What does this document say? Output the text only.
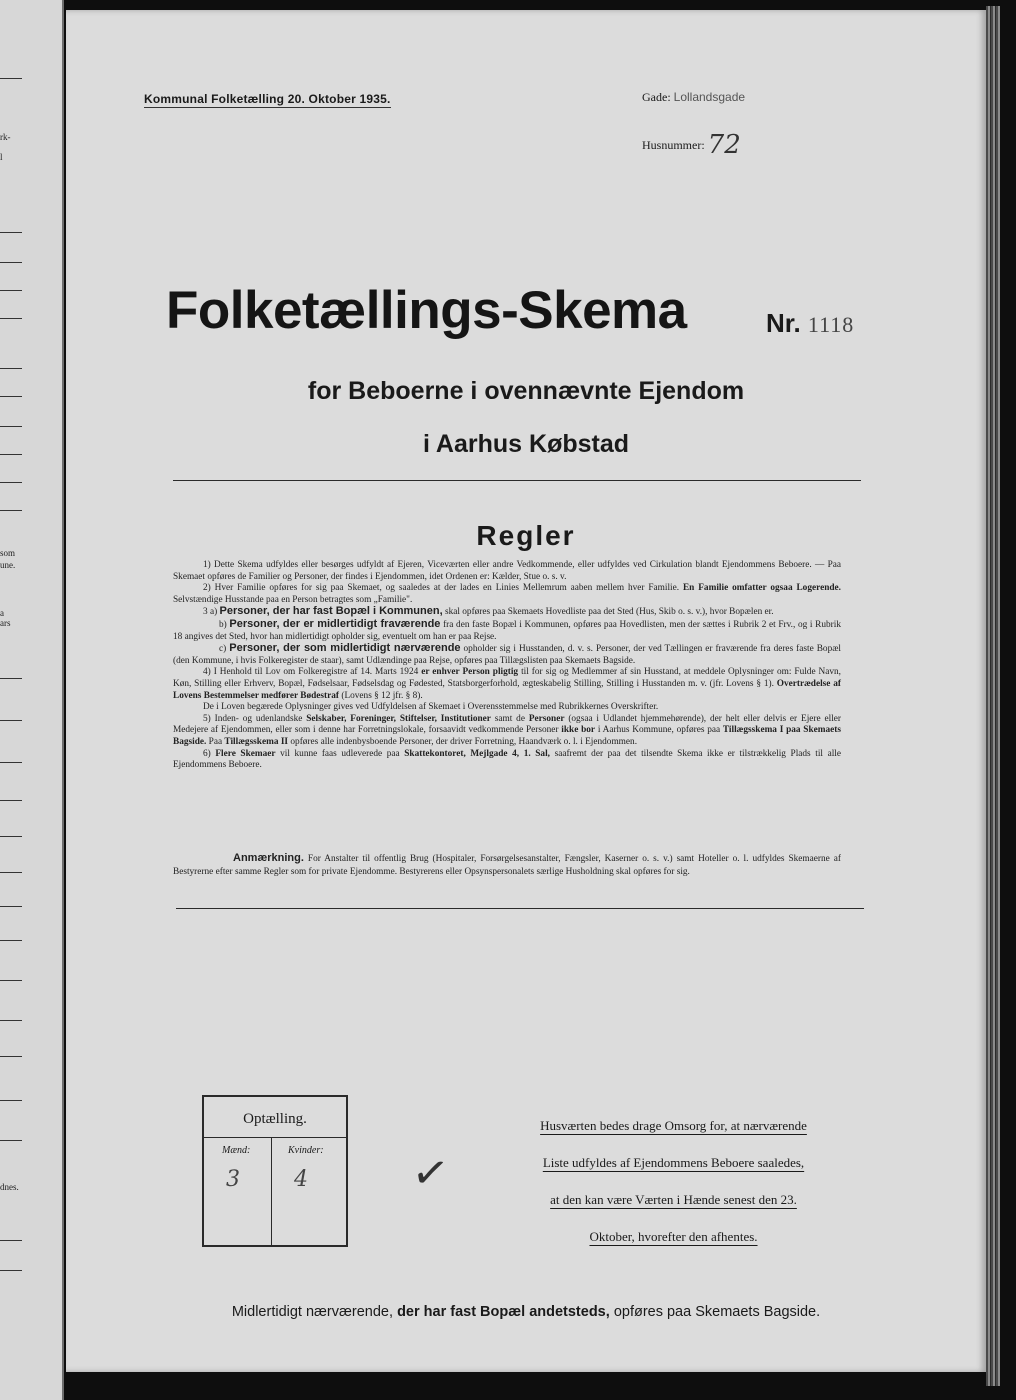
rk-
l
som
une.
a
ars
dnes.
Kommunal Folketælling 20. Oktober 1935.	Gade: Lollandsgade
Husnummer: 72
Folketællings-Skema	Nr. 1118
for Beboerne i ovennævnte Ejendom
i Aarhus Købstad
Regler

1) Dette Skema udfyldes eller besørges udfyldt af Ejeren, Viceværten eller andre Vedkommende, eller udfyldes ved Cirkulation blandt Ejendommens Beboere. — Paa Skemaet opføres de Familier og Personer, der findes i Ejendommen, idet Ordenen er: Kælder, Stue o. s. v.

2) Hver Familie opføres for sig paa Skemaet, og saaledes at der lades en Linies Mellemrum aaben mellem hver Familie. En Familie omfatter ogsaa Logerende. Selvstændige Husstande paa en Person betragtes som „Familie".

3 a) Personer, der har fast Bopæl i Kommunen, skal opføres paa Skemaets Hovedliste paa det Sted (Hus, Skib o. s. v.), hvor Bopælen er.

b) Personer, der er midlertidigt fraværende fra den faste Bopæl i Kommunen, opføres paa Hovedlisten, men der sættes i Rubrik 2 et Frv., og i Rubrik 18 angives det Sted, hvor han midlertidigt opholder sig, eventuelt om han er paa Rejse.

c) Personer, der som midlertidigt nærværende opholder sig i Husstanden, d. v. s. Personer, der ved Tællingen er fraværende fra deres faste Bopæl (den Kommune, i hvis Folkeregister de staar), samt Udlændinge paa Rejse, opføres paa Tillægslisten paa Skemaets Bagside.

4) I Henhold til Lov om Folkeregistre af 14. Marts 1924 er enhver Person pligtig til for sig og Medlemmer af sin Husstand, at meddele Oplysninger om: Fulde Navn, Køn, Stilling eller Erhverv, Bopæl, Fødselsaar, Fødselsdag og Fødested, Statsborgerforhold, ægteskabelig Stilling, Stilling i Husstanden m. v. (jfr. Lovens § 1). Overtrædelse af Lovens Bestemmelser medfører Bødestraf (Lovens § 12 jfr. § 8).

De i Loven begærede Oplysninger gives ved Udfyldelsen af Skemaet i Overensstemmelse med Rubrikkernes Overskrifter.

5) Inden- og udenlandske Selskaber, Foreninger, Stiftelser, Institutioner samt de Personer (ogsaa i Udlandet hjemmehørende), der helt eller delvis er Ejere eller Medejere af Ejendommen, eller som i denne har Forretningslokale, forsaavidt vedkommende Personer ikke bor i Aarhus Kommune, opføres paa Tillægsskema I paa Skemaets Bagside. Paa Tillægsskema II opføres alle indenbysboende Personer, der driver Forretning, Haandværk o. l. i Ejendommen.

6) Flere Skemaer vil kunne faas udleverede paa Skattekontoret, Mejlgade 4, 1. Sal, saafremt der paa det tilsendte Skema ikke er tilstrækkelig Plads til alle Ejendommens Beboere.

Anmærkning. For Anstalter til offentlig Brug (Hospitaler, Forsørgelsesanstalter, Fængsler, Kaserner o. s. v.) samt Hoteller o. l. udfyldes Skemaerne af Bestyrerne efter samme Regler som for private Ejendomme. Bestyrerens eller Opsynspersonalets særlige Husholdning skal opføres for sig.

Optælling.
Mænd:	Kvinder:
3 4 ✓
Husværten bedes drage Omsorg for, at nærværende
Liste udfyldes af Ejendommens Beboere saaledes,
at den kan være Værten i Hænde senest den 23.
Oktober, hvorefter den afhentes.
Midlertidigt nærværende, der har fast Bopæl andetsteds, opføres paa Skemaets Bagside.
